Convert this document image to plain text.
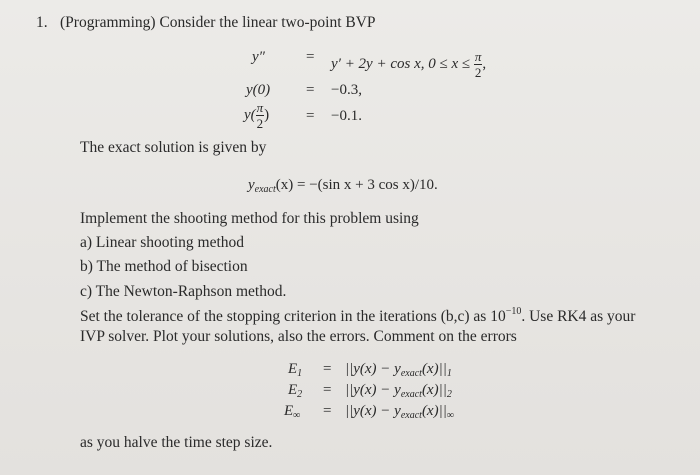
1. (Programming) Consider the linear two-point BVP
y″	= y′ + 2y + cos x, $0 \le x \le \frac{\pi}{2}$ ,
y(0) = −0.3,
$y( \frac{\pi}{2}$ ) = −0.1.
The exact solution is given by
$y_{exact}(x) = -(\sin$ x + 3 cos x)/10.
Implement the shooting method for this problem using
a) Linear shooting method
b) The method of bisection
c) The Newton-Raphson method.
Set the tolerance of the stopping criterion in the iterations (b,c) as $10^{-10}$. Use RK4 as your
IVP solver. Plot your solutions, also the errors. Comment on the errors
$E_1 = ||y(x) - y_{exact}(x)||_1$
$E_2 = ||y(x) - y_{exact}(x)||_2$
$E_\infty = ||y(x) - y_{exact}(x)||_\infty$
as you halve the time step size.
